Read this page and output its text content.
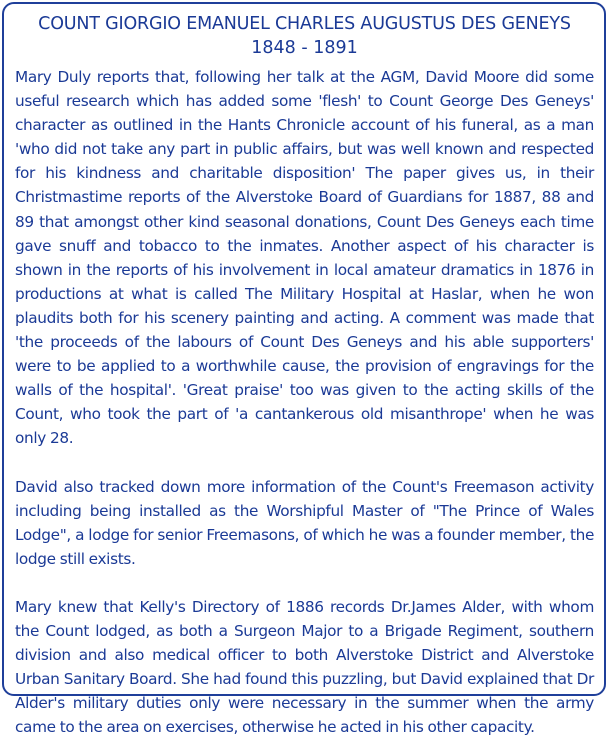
COUNT GIORGIO EMANUEL CHARLES AUGUSTUS DES GENEYS
1848 - 1891

Mary Duly reports that, following her talk at the AGM, David Moore did some useful research which has added some 'flesh' to Count George Des Geneys' character as outlined in the Hants Chronicle account of his funeral, as a man 'who did not take any part in public affairs, but was well known and respected for his kindness and charitable disposition' The paper gives us, in their Christmastime reports of the Alverstoke Board of Guardians for 1887, 88 and 89 that amongst other kind seasonal donations, Count Des Geneys each time gave snuff and tobacco to the inmates. Another aspect of his character is shown in the reports of his involvement in local amateur dramatics in 1876 in productions at what is called The Military Hospital at Haslar, when he won plaudits both for his scenery painting and acting. A comment was made that 'the proceeds of the labours of Count Des Geneys and his able supporters' were to be applied to a worthwhile cause, the provision of engravings for the walls of the hospital'. 'Great praise' too was given to the acting skills of the Count, who took the part of 'a cantankerous old misanthrope' when he was only 28.

David also tracked down more information of the Count's Freemason activity including being installed as the Worshipful Master of "The Prince of Wales Lodge", a lodge for senior Freemasons, of which he was a founder member, the lodge still exists.

Mary knew that Kelly's Directory of 1886 records Dr.James Alder, with whom the Count lodged, as both a Surgeon Major to a Brigade Regiment, southern division and also medical officer to both Alverstoke District and Alverstoke Urban Sanitary Board. She had found this puzzling, but David explained that Dr Alder's military duties only were necessary in the summer when the army came to the area on exercises, otherwise he acted in his other capacity.
